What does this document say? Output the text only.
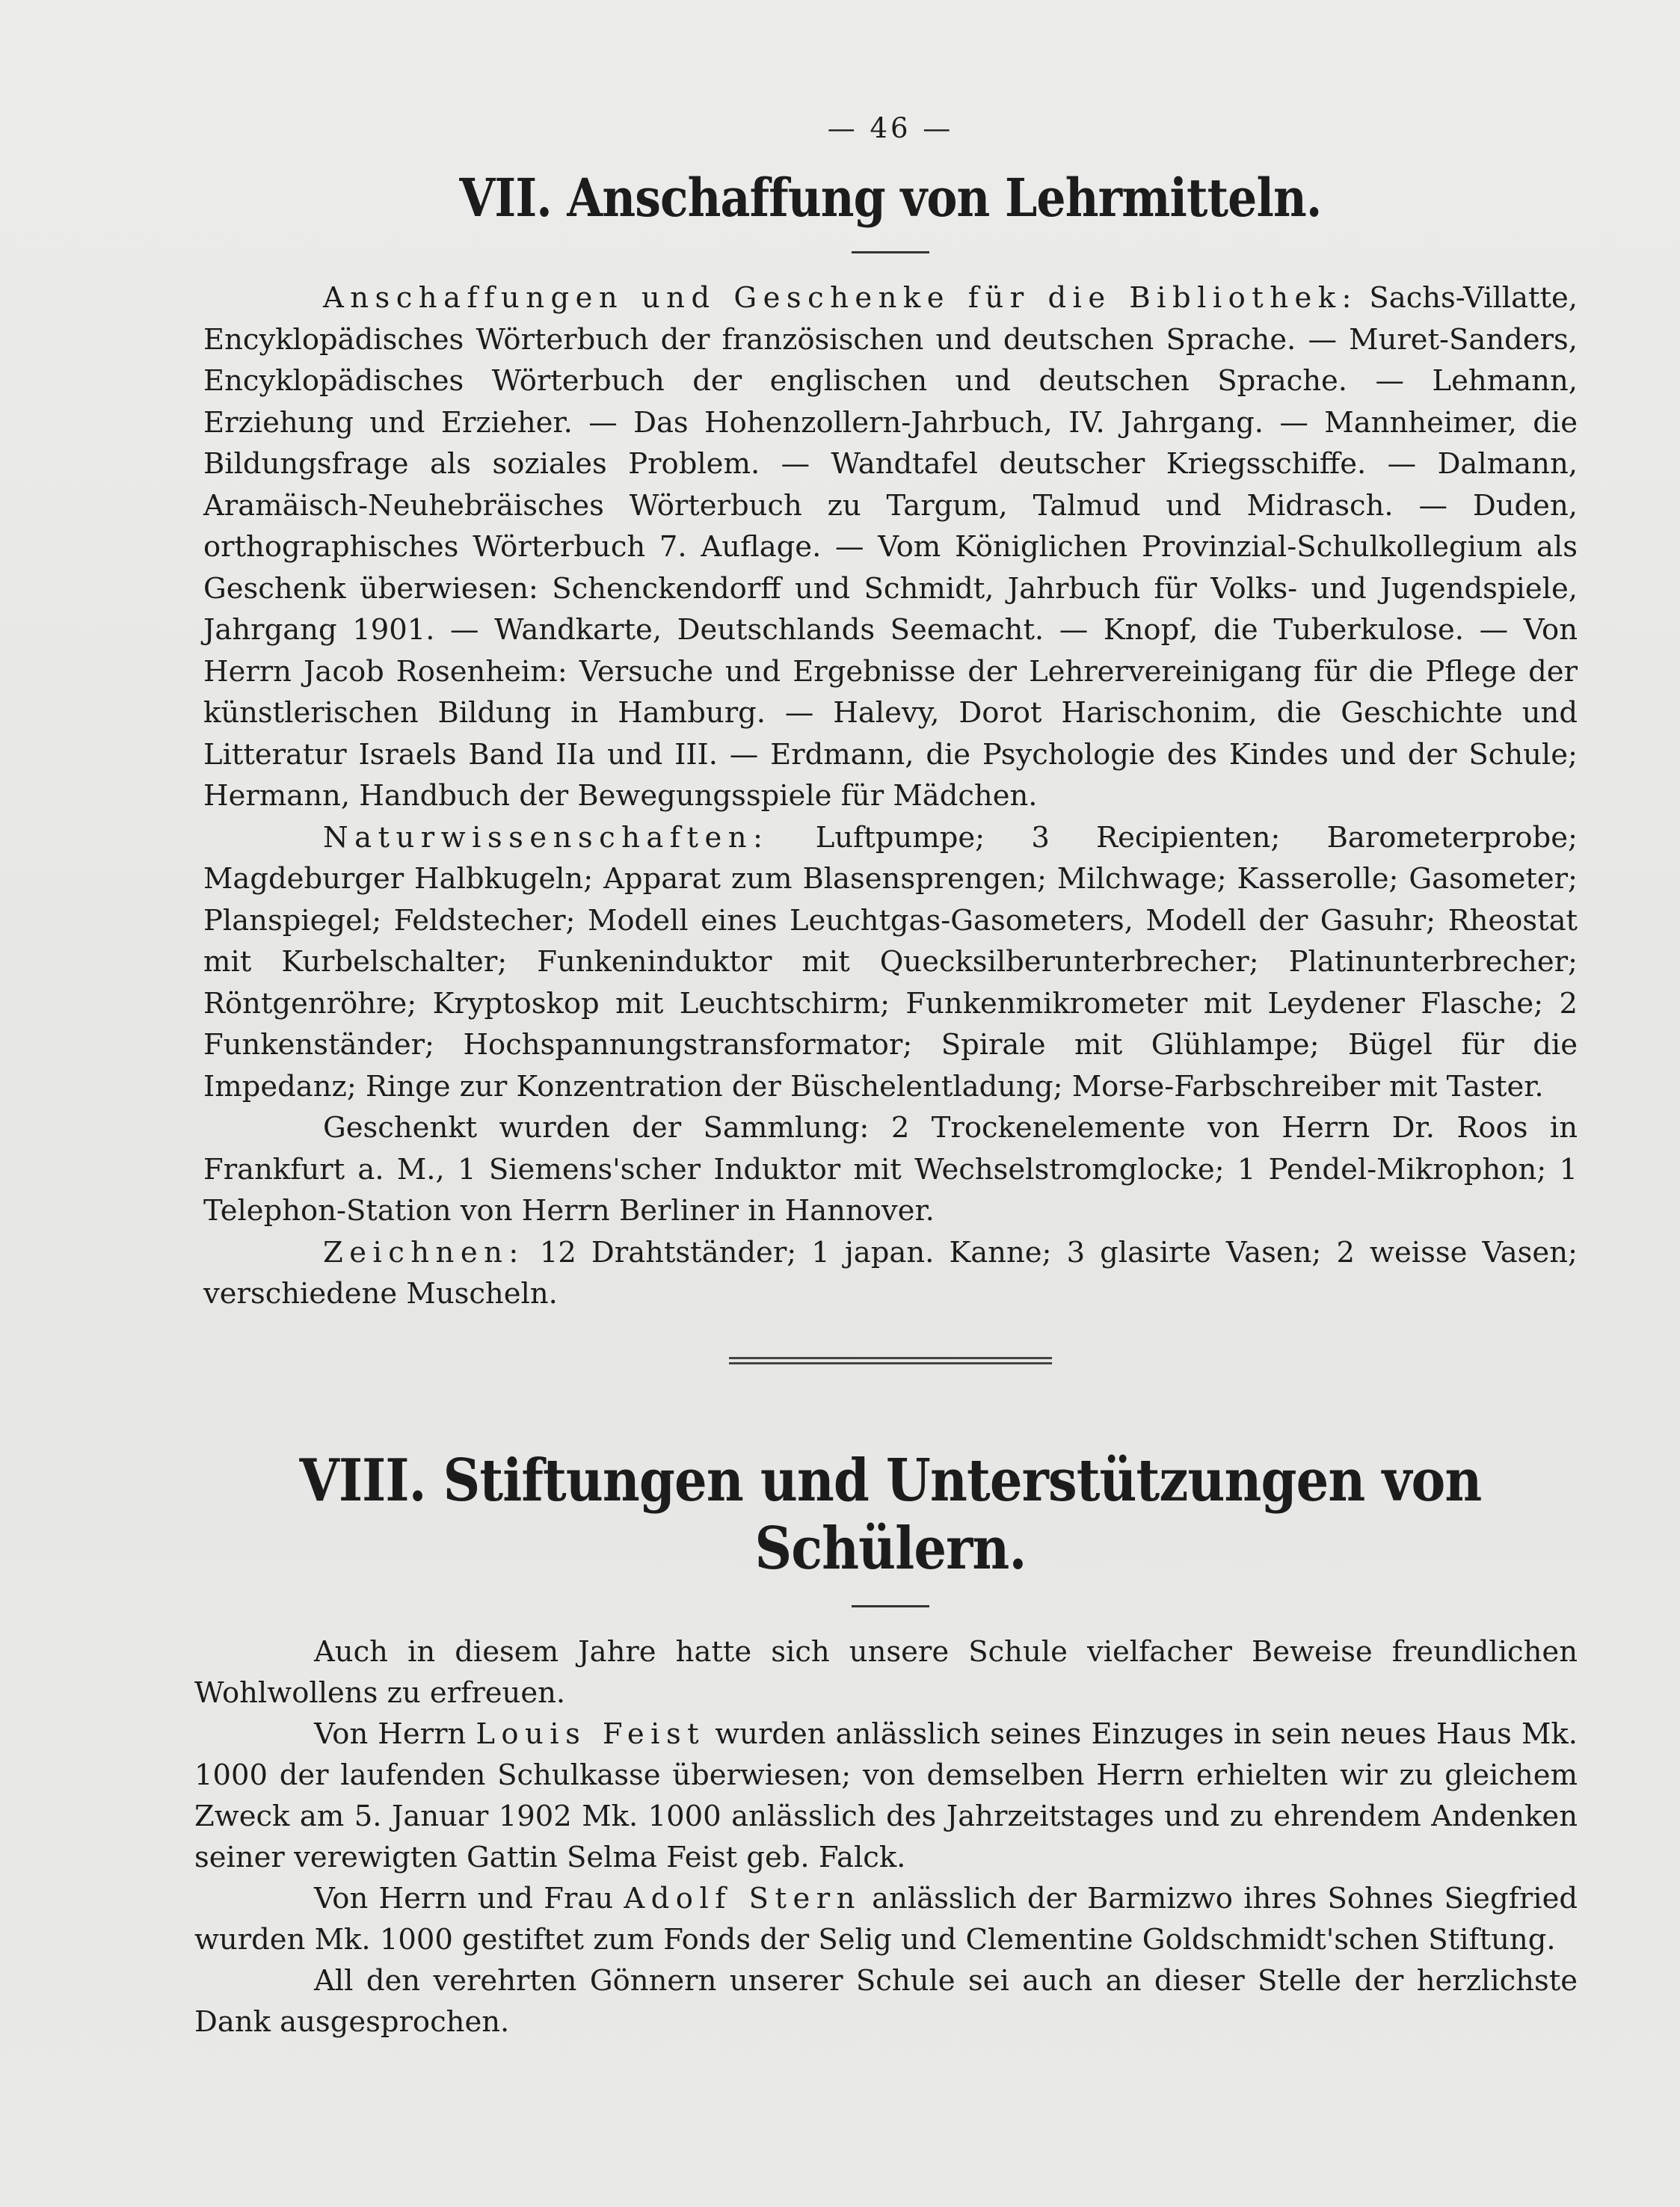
— 46 —
VII. Anschaffung von Lehrmitteln.

Anschaffungen und Geschenke für die Bibliothek: Sachs-Villatte, Encyklopädisches Wörterbuch der französischen und deutschen Sprache. — Muret-Sanders, Encyklopädisches Wörterbuch der englischen und deutschen Sprache. — Lehmann, Erziehung und Erzieher. — Das Hohenzollern-Jahrbuch, IV. Jahrgang. — Mannheimer, die Bildungsfrage als soziales Problem. — Wandtafel deutscher Kriegsschiffe. — Dalmann, Aramäisch-Neuhebräisches Wörterbuch zu Targum, Talmud und Midrasch. — Duden, orthographisches Wörterbuch 7. Auflage. — Vom Königlichen Provinzial-Schulkollegium als Geschenk überwiesen: Schenckendorff und Schmidt, Jahrbuch für Volks- und Jugendspiele, Jahrgang 1901. — Wandkarte, Deutschlands Seemacht. — Knopf, die Tuberkulose. — Von Herrn Jacob Rosenheim: Versuche und Ergebnisse der Lehrervereinigang für die Pflege der künstlerischen Bildung in Hamburg. — Halevy, Dorot Harischonim, die Geschichte und Litteratur Israels Band IIa und III. — Erdmann, die Psychologie des Kindes und der Schule; Hermann, Handbuch der Bewegungsspiele für Mädchen.

Naturwissenschaften: Luftpumpe; 3 Recipienten; Barometerprobe; Magdeburger Halbkugeln; Apparat zum Blasensprengen; Milchwage; Kasserolle; Gasometer; Planspiegel; Feldstecher; Modell eines Leuchtgas-Gasometers, Modell der Gasuhr; Rheostat mit Kurbelschalter; Funkeninduktor mit Quecksilberunterbrecher; Platinunterbrecher; Röntgenröhre; Kryptoskop mit Leuchtschirm; Funkenmikrometer mit Leydener Flasche; 2 Funkenständer; Hochspannungstransformator; Spirale mit Glühlampe; Bügel für die Impedanz; Ringe zur Konzentration der Büschelentladung; Morse-Farbschreiber mit Taster.

Geschenkt wurden der Sammlung: 2 Trockenelemente von Herrn Dr. Roos in Frankfurt a. M., 1 Siemens'scher Induktor mit Wechselstromglocke; 1 Pendel-Mikrophon; 1 Telephon-Station von Herrn Berliner in Hannover.

Zeichnen: 12 Drahtständer; 1 japan. Kanne; 3 glasirte Vasen; 2 weisse Vasen; verschiedene Muscheln.

VIII. Stiftungen und Unterstützungen von Schülern.

Auch in diesem Jahre hatte sich unsere Schule vielfacher Beweise freundlichen Wohlwollens zu erfreuen.

Von Herrn Louis Feist wurden anlässlich seines Einzuges in sein neues Haus Mk. 1000 der laufenden Schulkasse überwiesen; von demselben Herrn erhielten wir zu gleichem Zweck am 5. Januar 1902 Mk. 1000 anlässlich des Jahrzeitstages und zu ehrendem Andenken seiner verewigten Gattin Selma Feist geb. Falck.

Von Herrn und Frau Adolf Stern anlässlich der Barmizwo ihres Sohnes Siegfried wurden Mk. 1000 gestiftet zum Fonds der Selig und Clementine Goldschmidt'schen Stiftung.

All den verehrten Gönnern unserer Schule sei auch an dieser Stelle der herzlichste Dank ausgesprochen.
